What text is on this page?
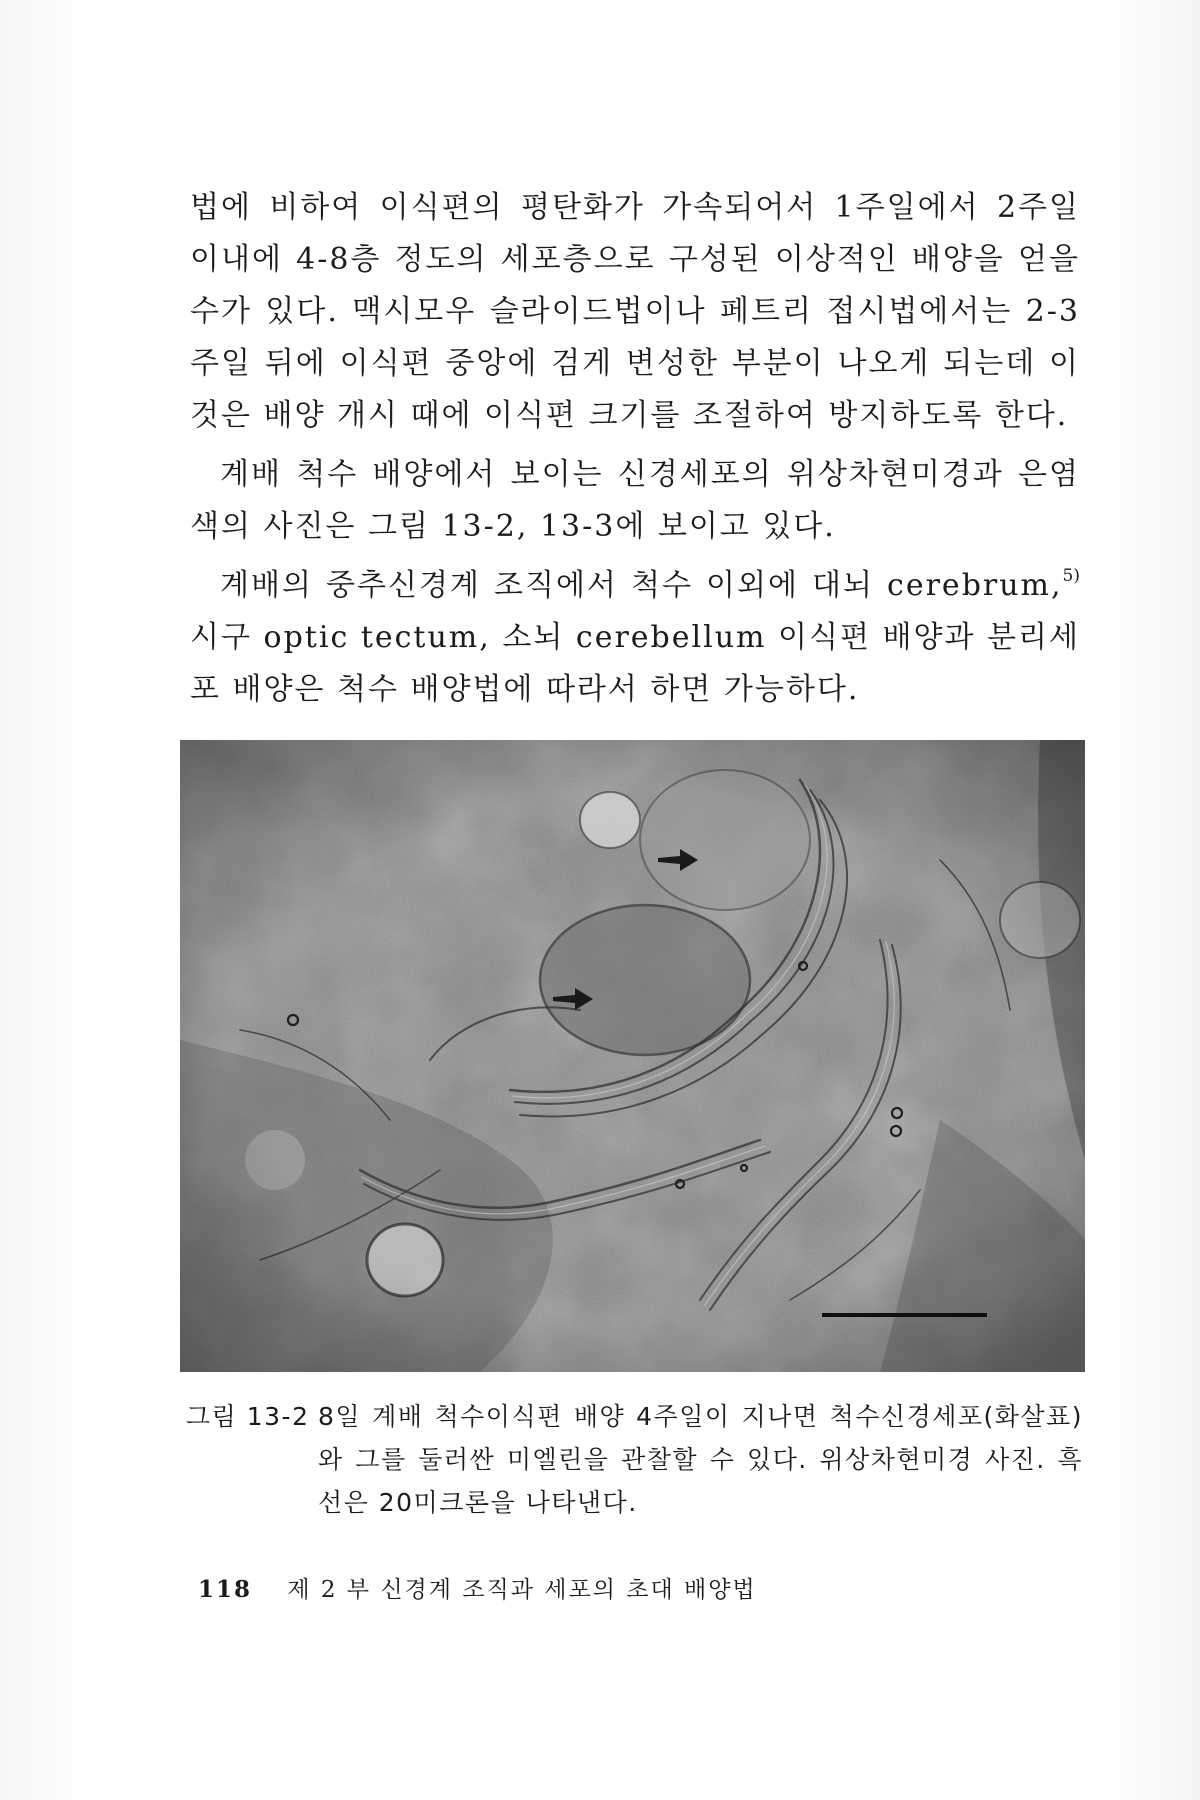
법에 비하여 이식편의 평탄화가 가속되어서 1주일에서 2주일 이내에 4-8층 정도의 세포층으로 구성된 이상적인 배양을 얻을 수가 있다. 맥시모우 슬라이드법이나 페트리 접시법에서는 2-3주일 뒤에 이식편 중앙에 검게 변성한 부분이 나오게 되는데 이것은 배양 개시 때에 이식편 크기를 조절하여 방지하도록 한다.

계배 척수 배양에서 보이는 신경세포의 위상차현미경과 은염색의 사진은 그림 13-2, 13-3에 보이고 있다.

계배의 중추신경계 조직에서 척수 이외에 대뇌 cerebrum,$^{5)}$ 시구 optic tectum, 소뇌 cerebellum 이식편 배양과 분리세포 배양은 척수 배양법에 따라서 하면 가능하다.

그림 13-2 8일 계배 척수이식편 배양 4주일이 지나면 척수신경세포(화살표)와 그를 둘러싼 미엘린을 관찰할 수 있다. 위상차현미경 사진. 흑선은 20미크론을 나타낸다.
118 제 2 부 신경계 조직과 세포의 초대 배양법
